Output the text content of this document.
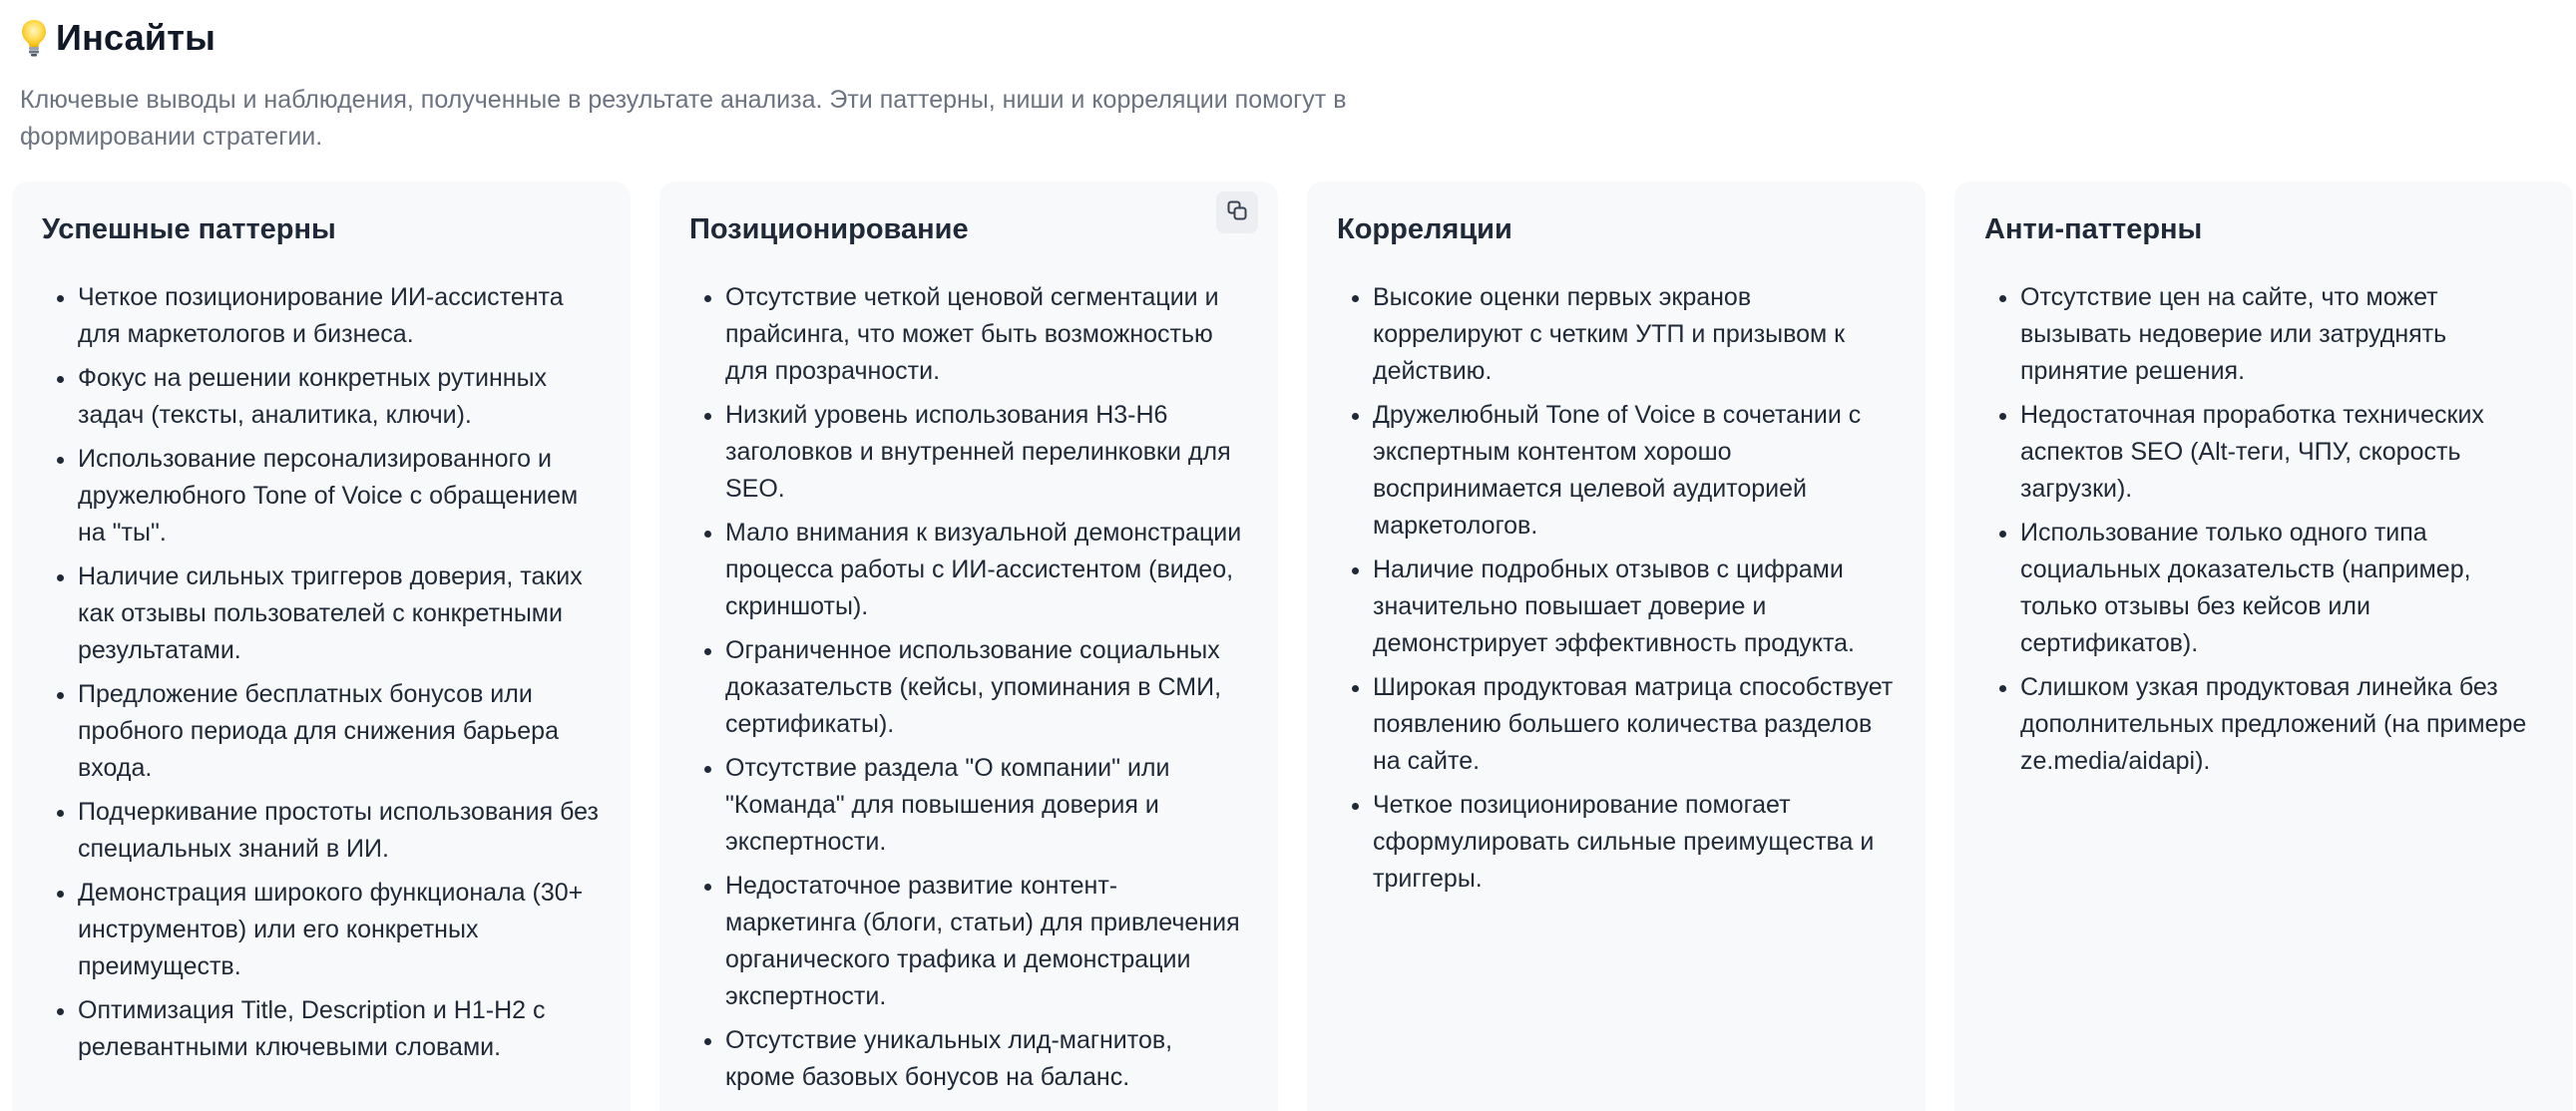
Инсайты
Ключевые выводы и наблюдения, полученные в результате анализа. Эти паттерны, ниши и корреляции помогут в формировании стратегии.
Успешные паттерны
• Четкое позиционирование ИИ-ассистента для маркетологов и бизнеса.
• Фокус на решении конкретных рутинных задач (тексты, аналитика, ключи).
• Использование персонализированного и дружелюбного Tone of Voice с обращением на "ты".
• Наличие сильных триггеров доверия, таких как отзывы пользователей с конкретными результатами.
• Предложение бесплатных бонусов или пробного периода для снижения барьера входа.
• Подчеркивание простоты использования без специальных знаний в ИИ.
• Демонстрация широкого функционала (30+ инструментов) или его конкретных преимуществ.
• Оптимизация Title, Description и H1-H2 с релевантными ключевыми словами.
Позиционирование
• Отсутствие четкой ценовой сегментации и прайсинга, что может быть возможностью для прозрачности.
• Низкий уровень использования H3-H6 заголовков и внутренней перелинковки для SEO.
• Мало внимания к визуальной демонстрации процесса работы с ИИ-ассистентом (видео, скриншоты).
• Ограниченное использование социальных доказательств (кейсы, упоминания в СМИ, сертификаты).
• Отсутствие раздела "О компании" или "Команда" для повышения доверия и экспертности.
• Недостаточное развитие контент-маркетинга (блоги, статьи) для привлечения органического трафика и демонстрации экспертности.
• Отсутствие уникальных лид-магнитов, кроме базовых бонусов на баланс.
Корреляции
• Высокие оценки первых экранов коррелируют с четким УТП и призывом к действию.
• Дружелюбный Tone of Voice в сочетании с экспертным контентом хорошо воспринимается целевой аудиторией маркетологов.
• Наличие подробных отзывов с цифрами значительно повышает доверие и демонстрирует эффективность продукта.
• Широкая продуктовая матрица способствует появлению большего количества разделов на сайте.
• Четкое позиционирование помогает сформулировать сильные преимущества и триггеры.
Анти-паттерны
• Отсутствие цен на сайте, что может вызывать недоверие или затруднять принятие решения.
• Недостаточная проработка технических аспектов SEO (Alt-теги, ЧПУ, скорость загрузки).
• Использование только одного типа социальных доказательств (например, только отзывы без кейсов или сертификатов).
• Слишком узкая продуктовая линейка без дополнительных предложений (на примере ze.media/aidapi).
